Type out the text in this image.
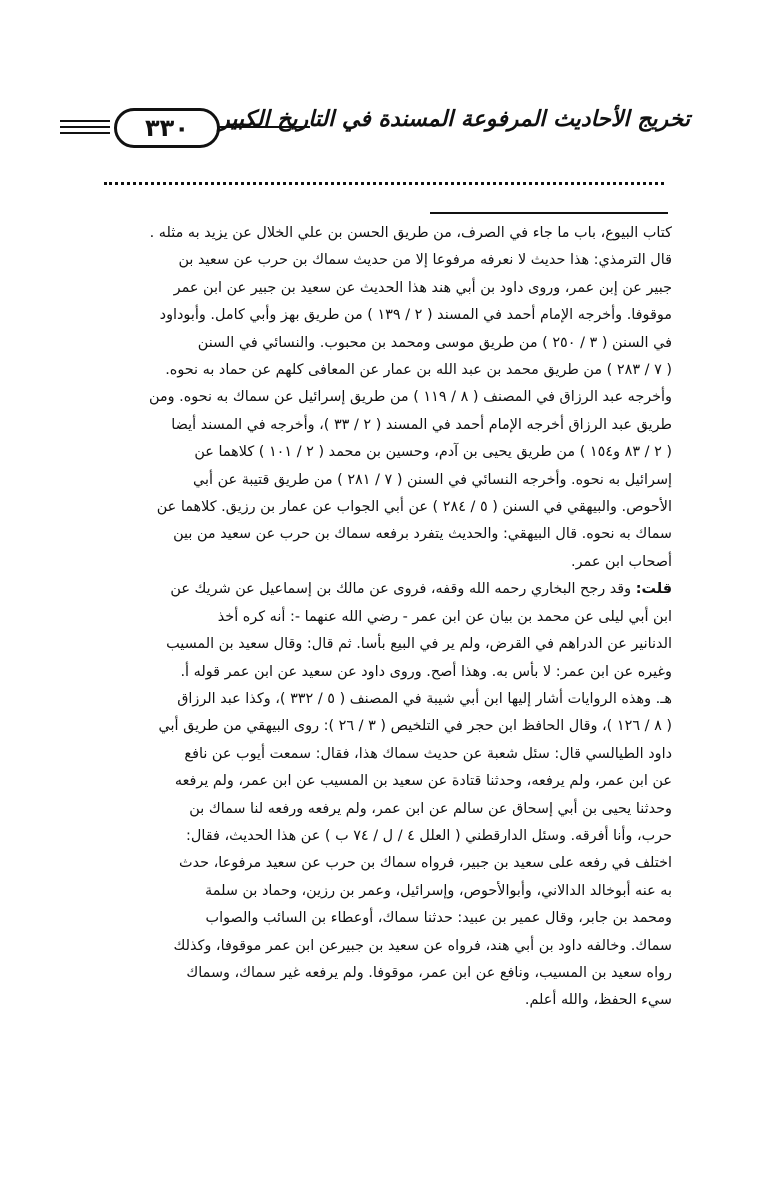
٣٣٠ تخريج الأحاديث المرفوعة المسندة في التاريخ الكبير
كتاب البيوع، باب ما جاء في الصرف، من طريق الحسن بن علي الخلال عن يزيد به مثله .
قال الترمذي: هذا حديث لا نعرفه مرفوعا إلا من حديث سماك بن حرب عن سعيد بن
جبير عن إبن عمر، وروى داود بن أبي هند هذا الحديث عن سعيد بن جبير عن ابن عمر
موقوفا. وأخرجه الإمام أحمد في المسند ( ٢ / ١٣٩ ) من طريق بهز وأبي كامل. وأبوداود
في السنن ( ٣ / ٢٥٠ ) من طريق موسى ومحمد بن محبوب. والنسائي في السنن
( ٧ / ٢٨٣ ) من طريق محمد بن عبد الله بن عمار عن المعافى كلهم عن حماد به نحوه.
وأخرجه عبد الرزاق في المصنف ( ٨ / ١١٩ ) من طريق إسرائيل عن سماك به نحوه. ومن
طريق عبد الرزاق أخرجه الإمام أحمد في المسند ( ٢ / ٣٣ )، وأخرجه في المسند أيضا
( ٢ / ٨٣ و١٥٤ ) من طريق يحيى بن آدم، وحسين بن محمد ( ٢ / ١٠١ ) كلاهما عن
إسرائيل به نحوه. وأخرجه النسائي في السنن ( ٧ / ٢٨١ ) من طريق قتيبة عن أبي
الأحوص. والبيهقي في السنن ( ٥ / ٢٨٤ ) عن أبي الجواب عن عمار بن رزيق. كلاهما عن
سماك به نحوه. قال البيهقي: والحديث يتفرد برفعه سماك بن حرب عن سعيد من بين
أصحاب ابن عمر.
قلت: وقد رجح البخاري رحمه الله وقفه، فروى عن مالك بن إسماعيل عن شريك عن
ابن أبي ليلى عن محمد بن بيان عن ابن عمر - رضي الله عنهما -: أنه كره أخذ
الدنانير عن الدراهم في القرض، ولم ير في البيع بأسا. ثم قال: وقال سعيد بن المسيب
وغيره عن ابن عمر: لا بأس به. وهذا أصح. وروى داود عن سعيد عن ابن عمر قوله أ.
هـ. وهذه الروايات أشار إليها ابن أبي شيبة في المصنف ( ٥ / ٣٣٢ )، وكذا عبد الرزاق
( ٨ / ١٢٦ )، وقال الحافظ ابن حجر في التلخيص ( ٣ / ٢٦ ): روى البيهقي من طريق أبي
داود الطيالسي قال: سئل شعبة عن حديث سماك هذا، فقال: سمعت أيوب عن نافع
عن ابن عمر، ولم يرفعه، وحدثنا قتادة عن سعيد بن المسيب عن ابن عمر، ولم يرفعه
وحدثنا يحيى بن أبي إسحاق عن سالم عن ابن عمر، ولم يرفعه ورفعه لنا سماك بن
حرب، وأنا أفرقه. وسئل الدارقطني ( العلل ٤ / ل / ٧٤ ب ) عن هذا الحديث، فقال:
اختلف في رفعه على سعيد بن جبير، فرواه سماك بن حرب عن سعيد مرفوعا، حدث
به عنه أبوخالد الدالاني، وأبوالأحوص، وإسرائيل، وعمر بن رزين، وحماد بن سلمة
ومحمد بن جابر، وقال عمير بن عبيد: حدثنا سماك، أوعطاء بن السائب والصواب
سماك. وخالفه داود بن أبي هند، فرواه عن سعيد بن جبيرعن ابن عمر موقوفا، وكذلك
رواه سعيد بن المسيب، ونافع عن ابن عمر، موقوفا. ولم يرفعه غير سماك، وسماك
سيء الحفظ، والله أعلم.
